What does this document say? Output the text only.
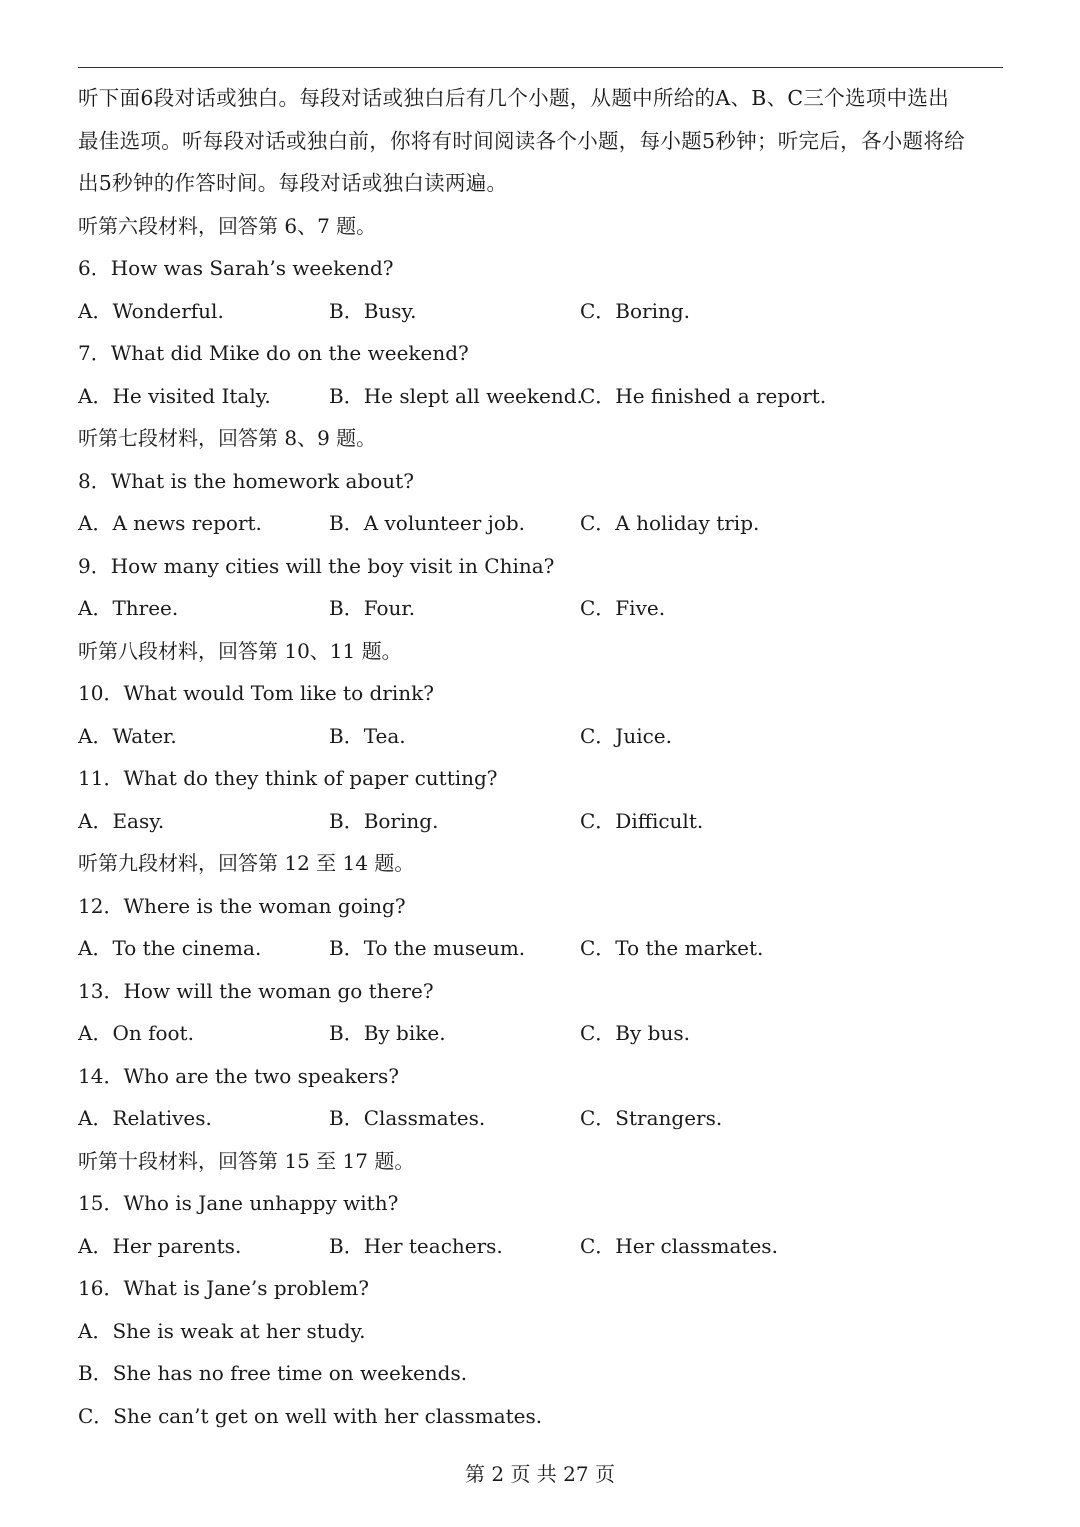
听下面6段对话或独白。每段对话或独白后有几个小题，从题中所给的A、B、C三个选项中选出
最佳选项。听每段对话或独白前，你将有时间阅读各个小题，每小题5秒钟；听完后，各小题将给
出5秒钟的作答时间。每段对话或独白读两遍。
听第六段材料，回答第 6、7 题。
6．How was Sarah’s weekend?
A．Wonderful.	B．Busy.	C．Boring.
7．What did Mike do on the weekend?
A．He visited Italy.	B．He slept all weekend.C．He finished a report.
听第七段材料，回答第 8、9 题。
8．What is the homework about?
A．A news report.	B．A volunteer job.	C．A holiday trip.
9．How many cities will the boy visit in China?
A．Three.	B．Four.	C．Five.
听第八段材料，回答第 10、11 题。
10．What would Tom like to drink?
A．Water.	B．Tea.	C．Juice.
11．What do they think of paper cutting?
A．Easy.	B．Boring.	C．Difficult.
听第九段材料，回答第 12 至 14 题。
12．Where is the woman going?
A．To the cinema.	B．To the museum.	C．To the market.
13．How will the woman go there?
A．On foot.	B．By bike.	C．By bus.
14．Who are the two speakers?
A．Relatives.	B．Classmates.	C．Strangers.
听第十段材料，回答第 15 至 17 题。
15．Who is Jane unhappy with?
A．Her parents.	B．Her teachers.	C．Her classmates.
16．What is Jane’s problem?
A．She is weak at her study.
B．She has no free time on weekends.
C．She can’t get on well with her classmates.
第 2 页 共 27 页
